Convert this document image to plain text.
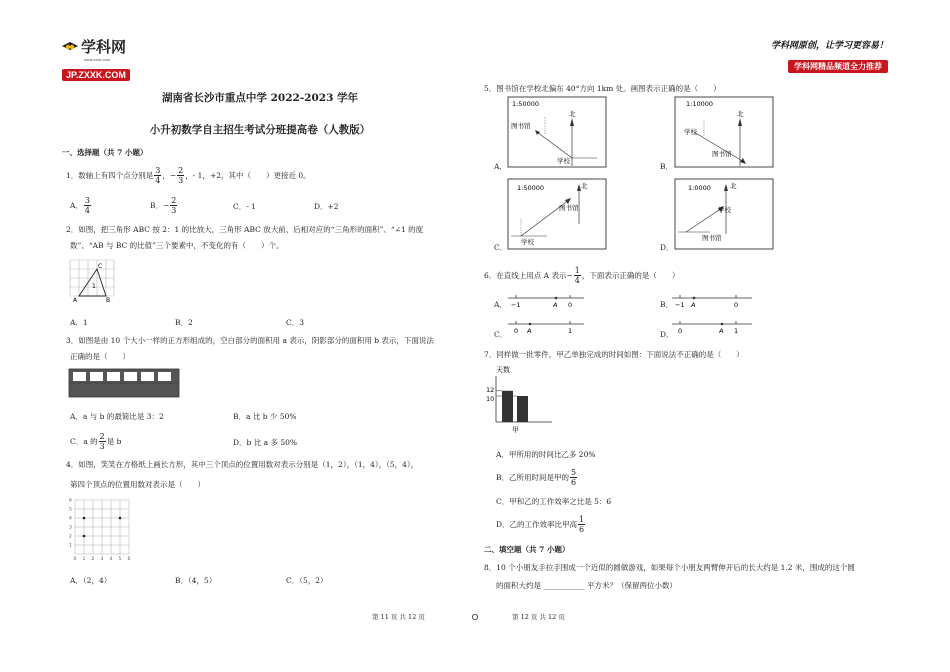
学科网
www.zxxk.com
JP.ZXXK.COM
学科网原创，让学习更容易！
学科网精品频道全力推荐
湖南省长沙市重点中学 2022-2023 学年
小升初数学自主招生考试分班提高卷（人教版）
一、选择题（共 7 小题）
1．数轴上有四个点分别是 $\frac{3}{4}$ ，− $\frac{2}{3}$ ，- 1，+2，其中（　　）更接近 0。
A． $\frac{3}{4}$	B．− $\frac{2}{3}$	C．- 1	D．+2
2．如图，把三角形 ABC 按 2：1 的比放大，三角形 ABC 放大前、后相对应的“三角形的面积”、“∠1 的度
数”、“AB 与 BC 的比值”三个要素中，不变化的有（　　）个。
C
A	B
1
A．1	B．2	C．3
3．如图是由 10 个大小一样的正方形组成的，空白部分的面积用 a 表示，阴影部分的面积用 b 表示，下面说法
正确的是（　　）
A．a 与 b 的最简比是 3：2	B．a 比 b 少 50%
C．a 的 $\frac{2}{3}$ 是 b	D．b 比 a 多 50%
4．如图，笑笑在方格纸上画长方形，其中三个顶点的位置用数对表示分别是（1，2），（1，4），（5，4），
第四个顶点的位置用数对表示是（　　）
0 1 2 3 4 5 6
1
2
3
4
5
6
A．（2，4）	B．（4，5）	C．（5，2）
5．图书馆在学校北偏东 40°方向 1km 处。画图表示正确的是（　　）
A．
1:50000
北
图书馆
学校
B．
1:10000
北
学校
图书馆
C．
1:50000	北
图书馆
学校
D．
1:0000	北
学校
图书馆
6．在直线上用点 A 表示− $\frac{1}{4}$ ，下面表示正确的是（　　）
A． −1	A 0	B． −1 A	0
C． 0 A	1	D． 0	A 1
7．同样做一批零件，甲乙单独完成的时间如图：下面说法不正确的是（　　）
天数
12
10
甲
A．甲所用的时间比乙多 20%
B．乙所用时间是甲的 $\frac{5}{6}$
C．甲和乙的工作效率之比是 5：6
D．乙的工作效率比甲高 $\frac{1}{6}$
二、填空题（共 7 小题）
8．10 个小朋友手拉手围成一个近似的圆做游戏，如果每个小朋友两臂伸开后的长大约是 1.2 米，围成的这个圆
的面积大约是 ___________ 平方米？（保留两位小数）
第 11 页 共 12 页	第 12 页 共 12 页
